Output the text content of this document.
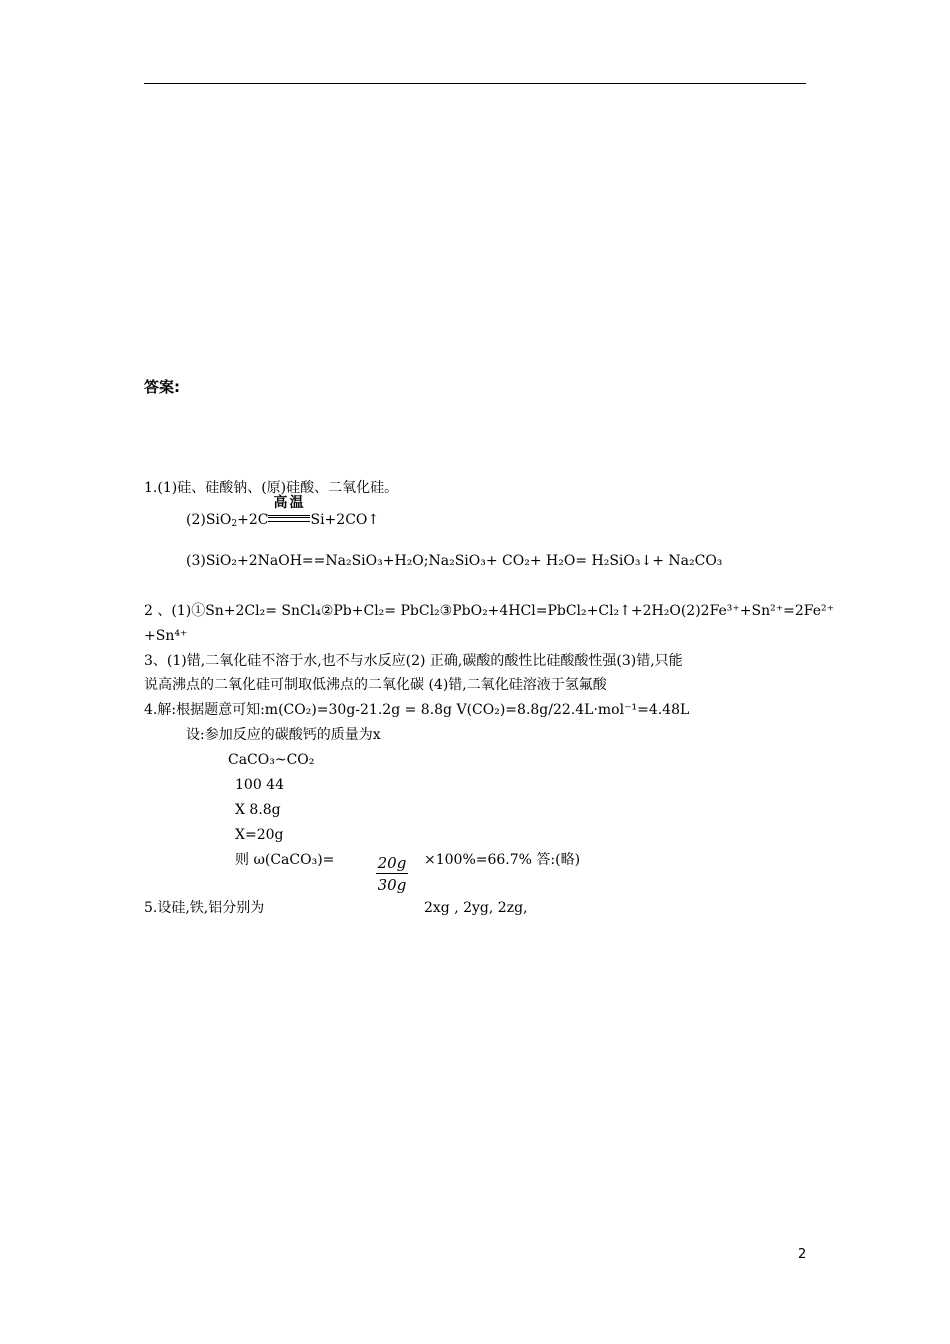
答案:
1.(1)硅、硅酸钠、(原)硅酸、二氧化硅。
(2)SiO$_2$+2C
高温
Si+2CO↑
(3)SiO₂+2NaOH==Na₂SiO₃+H₂O;Na₂SiO₃+ CO₂+ H₂O= H₂SiO₃↓+ Na₂CO₃
2 、(1)①Sn+2Cl₂= SnCl₄②Pb+Cl₂= PbCl₂③PbO₂+4HCl=PbCl₂+Cl₂↑+2H₂O(2)2Fe³⁺+Sn²⁺=2Fe²⁺
+Sn⁴⁺
3、(1)错,二氧化硅不溶于水,也不与水反应(2) 正确,碳酸的酸性比硅酸酸性强(3)错,只能
说高沸点的二氧化硅可制取低沸点的二氧化碳 (4)错,二氧化硅溶液于氢氟酸
4.解:根据题意可知:m(CO₂)=30g-21.2g = 8.8g V(CO₂)=8.8g/22.4L·mol⁻¹=4.48L
设:参加反应的碳酸钙的质量为x
CaCO₃~CO₂
100 44
X 8.8g
X=20g
则 ω(CaCO₃)=	$\frac{20g}{30g} \times 100\%=66.7\%$ 答:(略)
5.设硅,铁,铝分别为	2xg , 2yg, 2zg,
2
